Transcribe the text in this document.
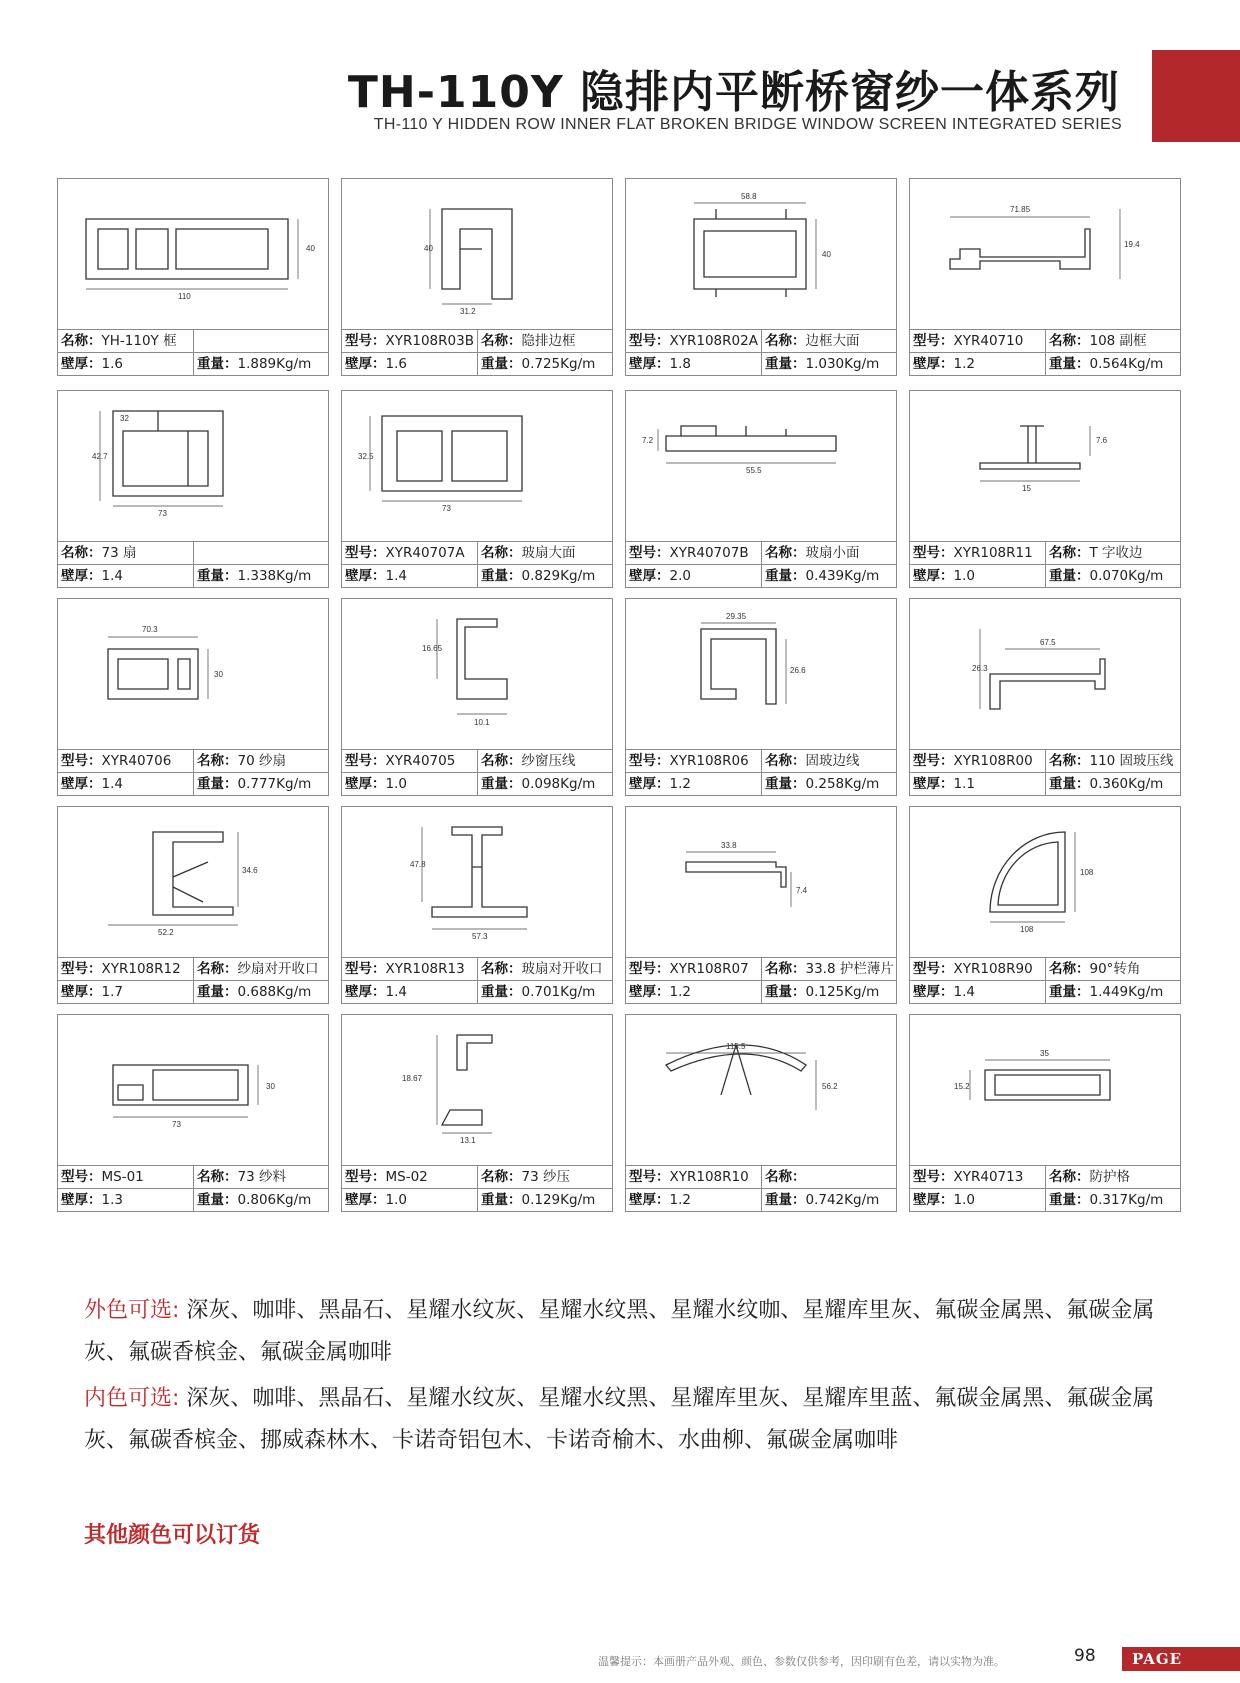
TH-110Y 隐排内平断桥窗纱一体系列
TH-110 Y HIDDEN ROW INNER FLAT BROKEN BRIDGE WINDOW SCREEN INTEGRATED SERIES
110
40
名称：YH-110Y 框
壁厚：1.6	重量：1.889Kg/m
40
31.2
型号：XYR108R03B 名称：隐排边框
壁厚：1.6	重量：0.725Kg/m
58.8
40
型号：XYR108R02A 名称：边框大面
壁厚：1.8	重量：1.030Kg/m
71.85
19.4
型号：XYR40710	名称：108 副框
壁厚：1.2	重量：0.564Kg/m
42.7
32
73
名称：73 扇
壁厚：1.4	重量：1.338Kg/m
32.5
73
型号：XYR40707A	名称：玻扇大面
壁厚：1.4	重量：0.829Kg/m
7.2
55.5
型号：XYR40707B	名称：玻扇小面
壁厚：2.0	重量：0.439Kg/m
7.6
15
型号：XYR108R11	名称：T 字收边
壁厚：1.0	重量：0.070Kg/m
70.3
30
型号：XYR40706	名称：70 纱扇
壁厚：1.4	重量：0.777Kg/m
16.65
10.1
型号：XYR40705	名称：纱窗压线
壁厚：1.0	重量：0.098Kg/m
29.35
26.6
型号：XYR108R06	名称：固玻边线
壁厚：1.2	重量：0.258Kg/m
26.3
67.5
型号：XYR108R00	名称：110 固玻压线
壁厚：1.1	重量：0.360Kg/m
34.6
52.2
型号：XYR108R12	名称：纱扇对开收口
壁厚：1.7	重量：0.688Kg/m
47.8
57.3
型号：XYR108R13	名称：玻扇对开收口
壁厚：1.4	重量：0.701Kg/m
33.8
7.4
型号：XYR108R07	名称：33.8 护栏薄片
壁厚：1.2	重量：0.125Kg/m
108
108
型号：XYR108R90	名称：90°转角
壁厚：1.4	重量：1.449Kg/m
30
73
型号：MS-01	名称：73 纱料
壁厚：1.3	重量：0.806Kg/m
18.67
13.1
型号：MS-02	名称：73 纱压
壁厚：1.0	重量：0.129Kg/m
115.5
56.2
型号：XYR108R10	名称：
壁厚：1.2	重量：0.742Kg/m
35
15.2
型号：XYR40713	名称：防护格
壁厚：1.0	重量：0.317Kg/m
外色可选: 深灰、咖啡、黑晶石、星耀水纹灰、星耀水纹黑、星耀水纹咖、星耀库里灰、氟碳金属黑、氟碳金属灰、氟碳香槟金、氟碳金属咖啡
内色可选: 深灰、咖啡、黑晶石、星耀水纹灰、星耀水纹黑、星耀库里灰、星耀库里蓝、氟碳金属黑、氟碳金属灰、氟碳香槟金、挪威森林木、卡诺奇铝包木、卡诺奇榆木、水曲柳、氟碳金属咖啡
其他颜色可以订货
温馨提示：本画册产品外观、颜色、参数仅供参考，因印刷有色差，请以实物为准。	98	PAGE
